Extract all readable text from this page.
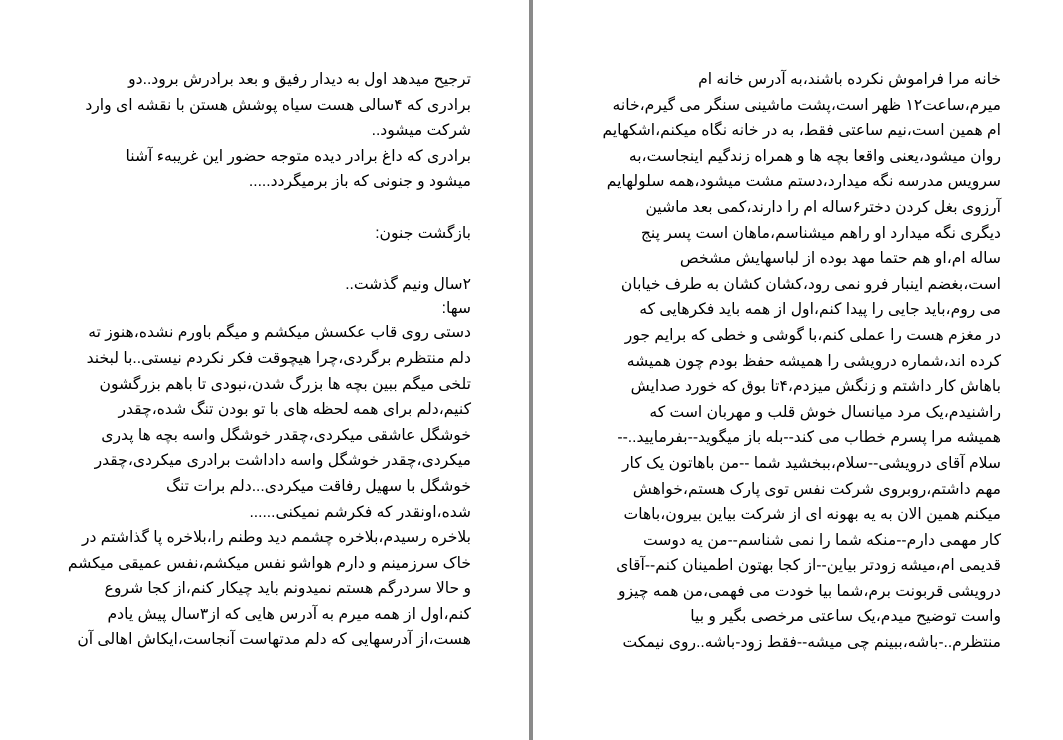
ترجیح میدهد اول به دیدار رفیق و بعد برادرش برود..دو
برادری که ۴سالی هست سیاه پوشش هستن با نقشه ای وارد
شرکت میشود..
برادری که داغ برادر دیده متوجه حضور این غریبهء آشنا
میشود و جنونی که باز برمیگردد.....
بازگشت جنون:
۲سال ونیم گذشت..
سها:
دستی روی قاب عکسش میکشم و میگم باورم نشده،هنوز ته
دلم منتظرم برگردی،چرا هیچوقت فکر نکردم نیستی..با لبخند
تلخی میگم ببین بچه ها بزرگ شدن،نبودی تا باهم بزرگشون
کنیم،دلم برای همه لحظه های با تو بودن تنگ شده،چقدر
خوشگل عاشقی میکردی،چقدر خوشگل واسه بچه ها پدری
میکردی،چقدر خوشگل واسه داداشت برادری میکردی،چقدر
خوشگل با سهیل رفاقت میکردی...دلم برات تنگ
شده،اونقدر که فکرشم نمیکنی......
بلاخره رسیدم،بلاخره چشمم دید وطنم را،بلاخره پا گذاشتم در
خاک سرزمینم و دارم هواشو نفس میکشم،نفس عمیقی میکشم
و حالا سردرگم هستم نمیدونم باید چیکار کنم،از کجا شروع
کنم،اول از همه میرم به آدرس هایی که از۳سال پیش یادم
هست،از آدرسهایی که دلم مدتهاست آنجاست،ایکاش اهالی آن
خانه مرا فراموش نکرده باشند،به آدرس خانه ام
میرم،ساعت۱۲ ظهر است،پشت ماشینی سنگر می گیرم،خانه
ام همین است،نیم ساعتی فقط، به در خانه نگاه میکنم،اشکهایم
روان میشود،یعنی واقعا بچه ها و همراه زندگیم اینجاست،به
سرویس مدرسه نگه میدارد،دستم مشت میشود،همه سلولهایم
آرزوی بغل کردن دختر۶ساله ام را دارند،کمی بعد ماشین
دیگری نگه میدارد او راهم میشناسم،ماهان است پسر پنج
ساله ام،او هم حتما مهد بوده از لباسهایش مشخص
است،بغضم اینبار فرو نمی رود،کشان کشان به طرف خیابان
می روم،باید جایی را پیدا کنم،اول از همه باید فکرهایی که
در مغزم هست را عملی کنم،با گوشی و خطی که برایم جور
کرده اند،شماره درویشی را همیشه حفظ بودم چون همیشه
باهاش کار داشتم و زنگش میزدم،۴تا بوق که خورد صدایش
راشنیدم،یک مرد میانسال خوش قلب و مهربان است که
همیشه مرا پسرم خطاب می کند--بله باز میگوید--بفرمایید..--
سلام آقای درویشی--سلام،ببخشید شما --من باهاتون یک کار
مهم داشتم،روبروی شرکت نفس توی پارک هستم،خواهش
میکنم همین الان به یه بهونه ای از شرکت بیاین بیرون،باهات
کار مهمی دارم--منکه شما را نمی شناسم--من یه دوست
قدیمی ام،میشه زودتر بیاین--از کجا بهتون اطمینان کنم--آقای
درویشی قربونت برم،شما بیا خودت می فهمی،من همه چیزو
واست توضیح میدم،یک ساعتی مرخصی بگیر و بیا
منتظرم..-باشه،ببینم چی میشه--فقط زود-باشه..روی نیمکت
